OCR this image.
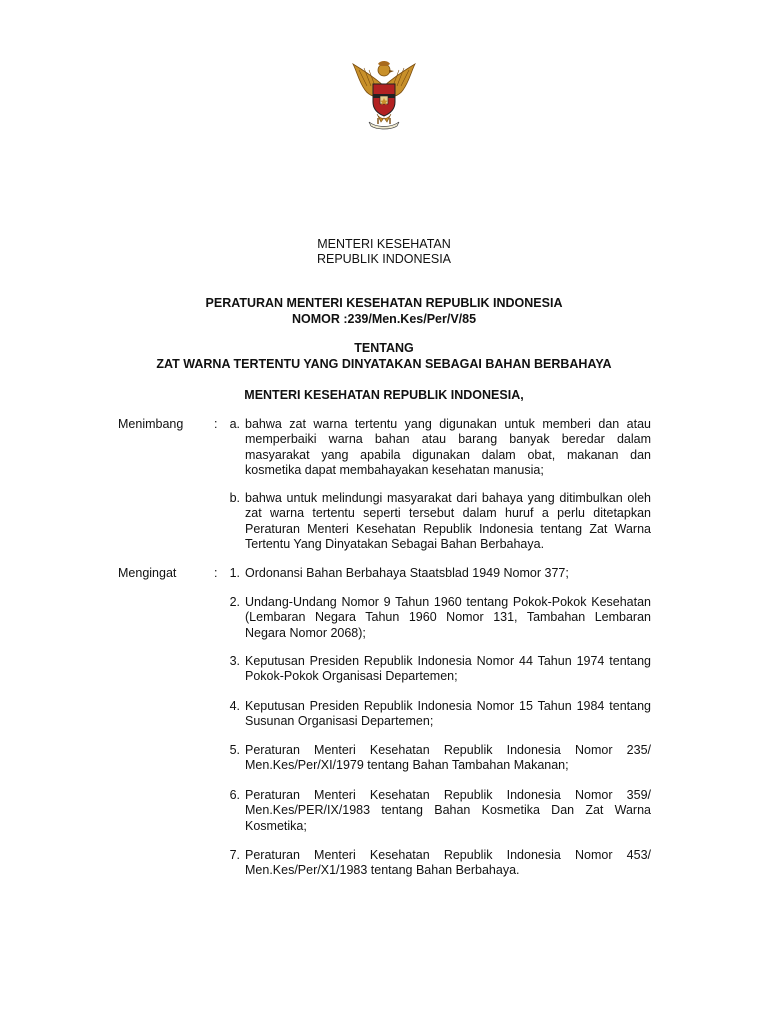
MENTERI KESEHATAN
REPUBLIK INDONESIA
PERATURAN MENTERI KESEHATAN REPUBLIK INDONESIA
NOMOR :239/Men.Kes/Per/V/85
TENTANG
ZAT WARNA TERTENTU YANG DINYATAKAN SEBAGAI BAHAN BERBAHAYA
MENTERI KESEHATAN REPUBLIK INDONESIA,
Menimbang : a. bahwa zat warna tertentu yang digunakan untuk memberi dan atau memperbaiki warna bahan atau barang banyak beredar dalam masyarakat yang apabila digunakan dalam obat, makanan dan kosmetika dapat membahayakan kesehatan manusia;
b. bahwa untuk melindungi masyarakat dari bahaya yang ditimbulkan oleh zat warna tertentu seperti tersebut dalam huruf a perlu ditetapkan Peraturan Menteri Kesehatan Republik Indonesia tentang Zat Warna Tertentu Yang Dinyatakan Sebagai Bahan Berbahaya.
Mengingat	: 1. Ordonansi Bahan Berbahaya Staatsblad 1949 Nomor 377;
2. Undang-Undang Nomor 9 Tahun 1960 tentang Pokok-Pokok Kesehatan (Lembaran Negara Tahun 1960 Nomor 131, Tambahan Lembaran Negara Nomor 2068);
3. Keputusan Presiden Republik Indonesia Nomor 44 Tahun 1974 tentang Pokok-Pokok Organisasi Departemen;
4. Keputusan Presiden Republik Indonesia Nomor 15 Tahun 1984 tentang Susunan Organisasi Departemen;
5. Peraturan Menteri Kesehatan Republik Indonesia Nomor 235/ Men.Kes/Per/XI/1979 tentang Bahan Tambahan Makanan;
6. Peraturan Menteri Kesehatan Republik Indonesia Nomor 359/ Men.Kes/PER/IX/1983 tentang Bahan Kosmetika Dan Zat Warna Kosmetika;
7. Peraturan Menteri Kesehatan Republik Indonesia Nomor 453/ Men.Kes/Per/X1/1983 tentang Bahan Berbahaya.
